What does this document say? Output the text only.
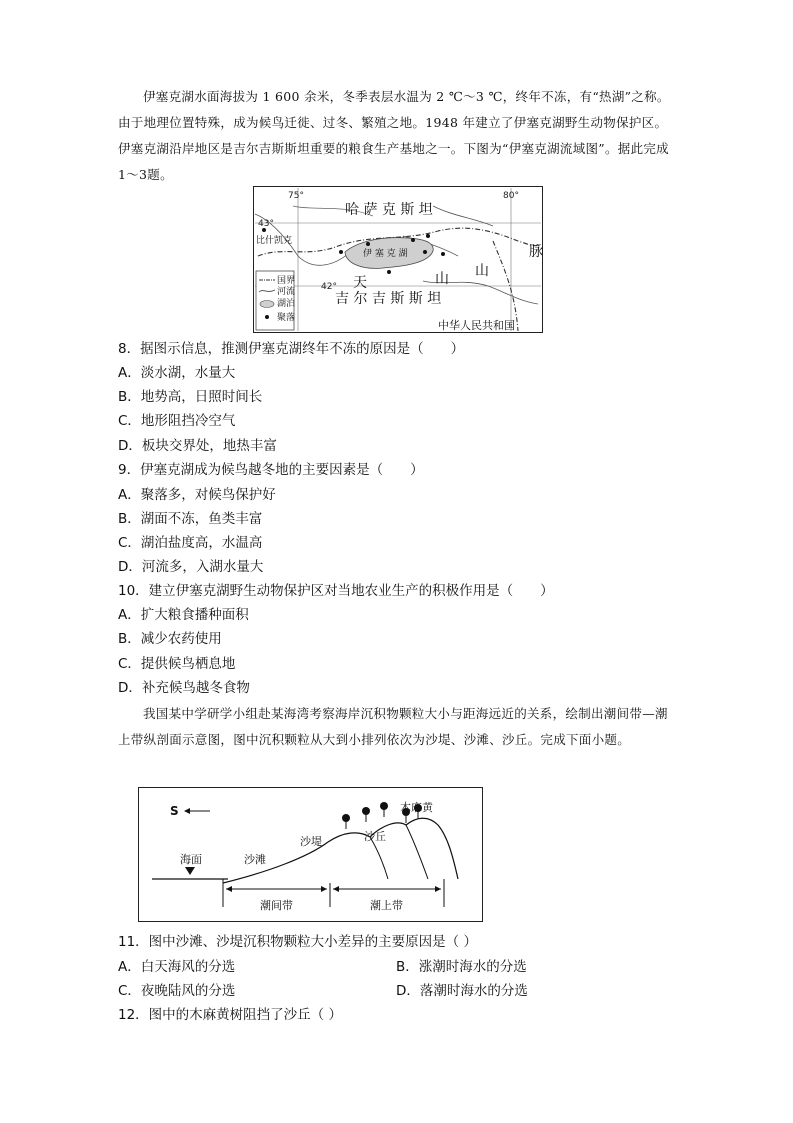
伊塞克湖水面海拔为 1 600 余米，冬季表层水温为 2 ℃～3 ℃，终年不冻，有“热湖”之称。由于地理位置特殊，成为候鸟迁徙、过冬、繁殖之地。1948 年建立了伊塞克湖野生动物保护区。伊塞克湖沿岸地区是吉尔吉斯斯坦重要的粮食生产基地之一。下图为“伊塞克湖流域图”。据此完成 1～3题。

75°	80°
43°
42°
哈 萨 克 斯 坦
吉 尔 吉 斯 斯 坦
中华人民共和国
比什凯克
伊 塞 克 湖
天	山 山
脉
国界
河流
湖泊
聚落
8．据图示信息，推测伊塞克湖终年不冻的原因是（　　）
A．淡水湖，水量大
B．地势高，日照时间长
C．地形阻挡冷空气
D．板块交界处，地热丰富
9．伊塞克湖成为候鸟越冬地的主要因素是（　　）
A．聚落多，对候鸟保护好
B．湖面不冻，鱼类丰富
C．湖泊盐度高，水温高
D．河流多，入湖水量大
10．建立伊塞克湖野生动物保护区对当地农业生产的积极作用是（　　）
A．扩大粮食播种面积
B．减少农药使用
C．提供候鸟栖息地
D．补充候鸟越冬食物

我国某中学研学小组赴某海湾考察海岸沉积物颗粒大小与距海远近的关系，绘制出潮间带—潮上带纵剖面示意图，图中沉积颗粒从大到小排列依次为沙堤、沙滩、沙丘。完成下面小题。

S
海面	沙滩
沙堤	沙丘
木麻黄
潮间带	潮上带
11．图中沙滩、沙堤沉积物颗粒大小差异的主要原因是（ ）
A．白天海风的分选	B．涨潮时海水的分选
C．夜晚陆风的分选	D．落潮时海水的分选
12．图中的木麻黄树阻挡了沙丘（ ）
